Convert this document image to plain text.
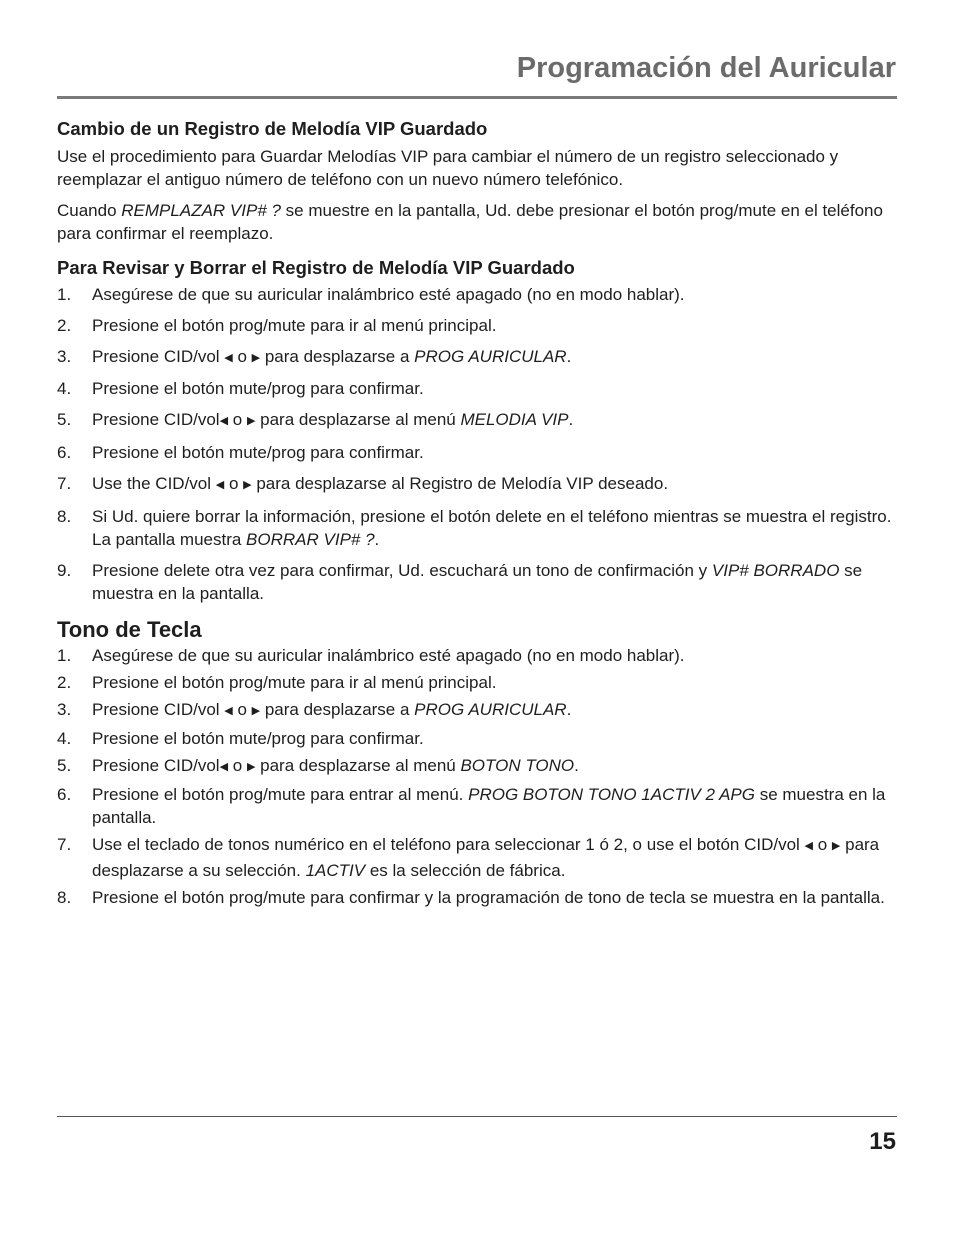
Programación del Auricular
Cambio de un Registro de Melodía VIP Guardado

Use el procedimiento para Guardar Melodías VIP para cambiar el número de un registro seleccionado y reemplazar el antiguo número de teléfono con un nuevo número telefónico.

Cuando REMPLAZAR VIP# ? se muestre en la pantalla, Ud. debe presionar el botón prog/mute en el teléfono para confirmar el reemplazo.

Para Revisar y Borrar el Registro de Melodía VIP Guardado
1.	Asegúrese de que su auricular inalámbrico esté apagado (no en modo hablar).
2.	Presione el botón prog/mute para ir al menú principal.
3.	Presione CID/vol ◀ o ▶ para desplazarse a PROG AURICULAR.
4.	Presione el botón mute/prog para confirmar.
5.	Presione CID/vol◀ o ▶ para desplazarse al menú MELODIA VIP.
6.	Presione el botón mute/prog para confirmar.
7.	Use the CID/vol ◀ o ▶ para desplazarse al Registro de Melodía VIP deseado.
8.	Si Ud. quiere borrar la información, presione el botón delete en el teléfono mientras se muestra el registro. La pantalla muestra BORRAR VIP# ?.
9.	Presione delete otra vez para confirmar, Ud. escuchará un tono de confirmación y VIP# BORRADO se muestra en la pantalla.
Tono de Tecla
1.	Asegúrese de que su auricular inalámbrico esté apagado (no en modo hablar).
2.	Presione el botón prog/mute para ir al menú principal.
3.	Presione CID/vol ◀ o ▶ para desplazarse a PROG AURICULAR.
4.	Presione el botón mute/prog para confirmar.
5.	Presione CID/vol◀ o ▶ para desplazarse al menú BOTON TONO.
6.	Presione el botón prog/mute para entrar al menú. PROG BOTON TONO 1ACTIV 2 APG se muestra en la pantalla.
7.	Use el teclado de tonos numérico en el teléfono para seleccionar 1 ó 2, o use el botón CID/vol ◀ o ▶ para desplazarse a su selección. 1ACTIV es la selección de fábrica.
8.	Presione el botón prog/mute para confirmar y la programación de tono de tecla se muestra en la pantalla.
15
